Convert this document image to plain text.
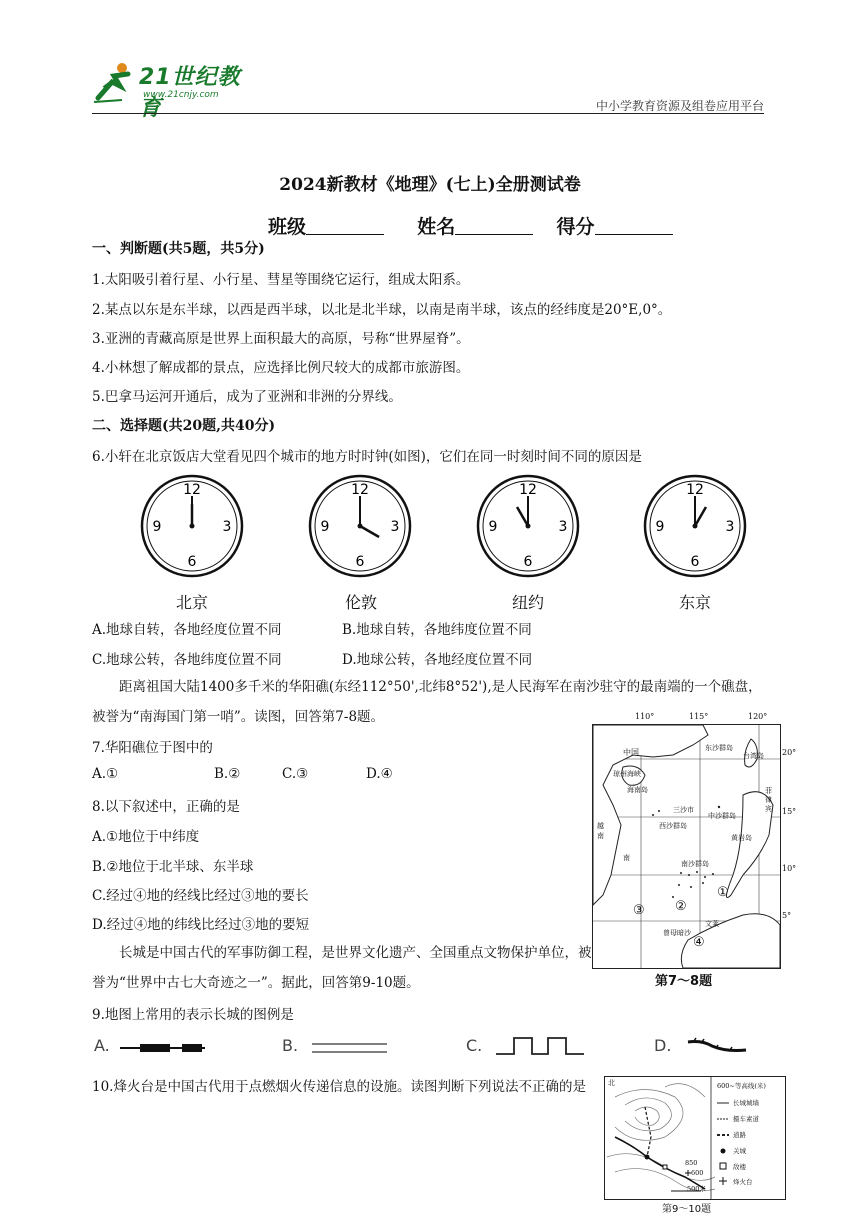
21世纪教育
www.21cnjy.com
中小学教育资源及组卷应用平台
2024新教材《地理》(七上)全册测试卷
班级	姓名	得分
一、判断题(共5题，共5分)
1.太阳吸引着行星、小行星、彗星等围绕它运行，组成太阳系。
2.某点以东是东半球，以西是西半球，以北是北半球，以南是南半球，该点的经纬度是20°E,0°。
3.亚洲的青藏高原是世界上面积最大的高原，号称“世界屋脊”。
4.小林想了解成都的景点，应选择比例尺较大的成都市旅游图。
5.巴拿马运河开通后，成为了亚洲和非洲的分界线。
二、选择题(共20题,共40分)
6.小轩在北京饭店大堂看见四个城市的地方时时钟(如图)，它们在同一时刻时间不同的原因是
12
3
6
9
12
3
6
9
12
3
6
9
12
3
6
9
北京	伦敦	纽约	东京
A.地球自转，各地经度位置不同	B.地球自转，各地纬度位置不同
C.地球公转，各地纬度位置不同	D.地球公转，各地经度位置不同
距离祖国大陆1400多千米的华阳礁(东经112°50',北纬8°52'),是人民海军在南沙驻守的最南端的一个礁盘，被誉为“南海国门第一哨”。读图，回答第7-8题。	110°	115°	120°
20°
15°
10°
5°
中国
琼州海峡
海南岛
东沙群岛
台湾岛
三沙市
西沙群岛
中沙群岛
黄岩岛
南沙群岛
菲律宾
曾母暗沙
文莱
越南
南
①
②
③
④
第7～8题
7.华阳礁位于图中的
A.①	B.②	C.③	D.④
8.以下叙述中，正确的是
A.①地位于中纬度
B.②地位于北半球、东半球
C.经过④地的经线比经过③地的要长
D.经过④地的纬线比经过③地的要短
长城是中国古代的军事防御工程，是世界文化遗产、全国重点文物保护单位，被誉为“世界中古七大奇迹之一”。据此，回答第9-10题。
9.地图上常用的表示长城的图例是
A.	B.	C.	D.
10.烽火台是中国古代用于点燃烟火传递信息的设施。读图判断下列说法不正确的是	北	600~等高线(米)
长城城墙
摄车素道
道路
关城
敌楼
烽火台
850
600
500米
第9～10题
